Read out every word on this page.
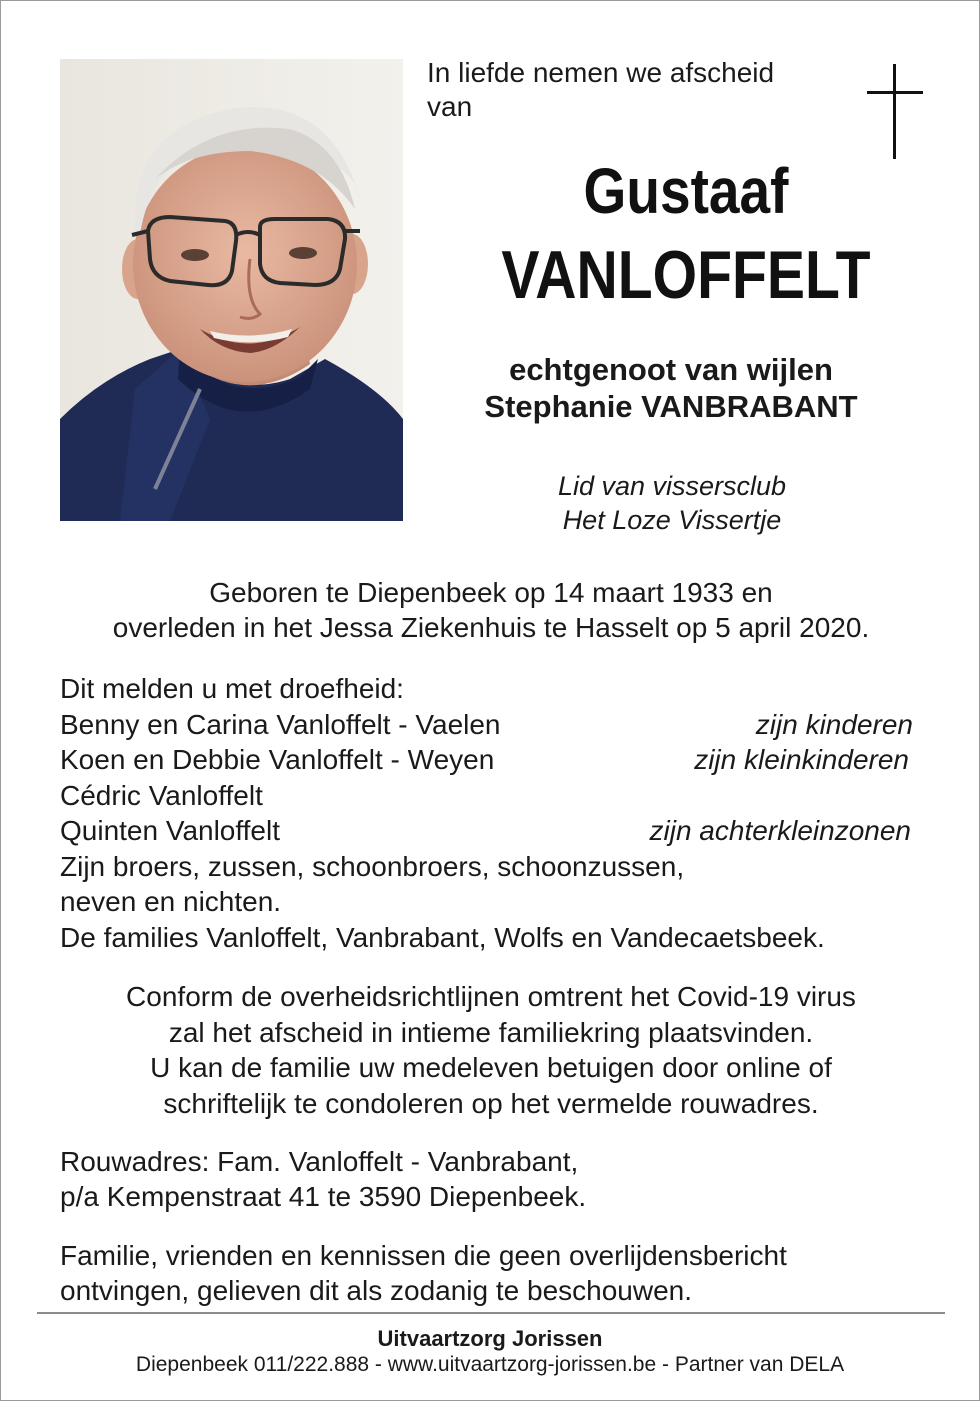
In liefde nemen we afscheid
van
Gustaaf
VANLOFFELT
echtgenoot van wijlen
Stephanie VANBRABANT
Lid van vissersclub
Het Loze Vissertje
Geboren te Diepenbeek op 14 maart 1933 en
overleden in het Jessa Ziekenhuis te Hasselt op 5 april 2020.
Dit melden u met droefheid:
Benny en Carina Vanloffelt - Vaelen	zijn kinderen
Koen en Debbie Vanloffelt - Weyen	zijn kleinkinderen
Cédric Vanloffelt
Quinten Vanloffelt	zijn achterkleinzonen
Zijn broers, zussen, schoonbroers, schoonzussen,
neven en nichten.
De families Vanloffelt, Vanbrabant, Wolfs en Vandecaetsbeek.
Conform de overheidsrichtlijnen omtrent het Covid-19 virus
zal het afscheid in intieme familiekring plaatsvinden.
U kan de familie uw medeleven betuigen door online of
schriftelijk te condoleren op het vermelde rouwadres.
Rouwadres: Fam. Vanloffelt - Vanbrabant,
p/a Kempenstraat 41 te 3590 Diepenbeek.
Familie, vrienden en kennissen die geen overlijdensbericht
ontvingen, gelieven dit als zodanig te beschouwen.
Uitvaartzorg Jorissen
Diepenbeek 011/222.888 - www.uitvaartzorg-jorissen.be - Partner van DELA
